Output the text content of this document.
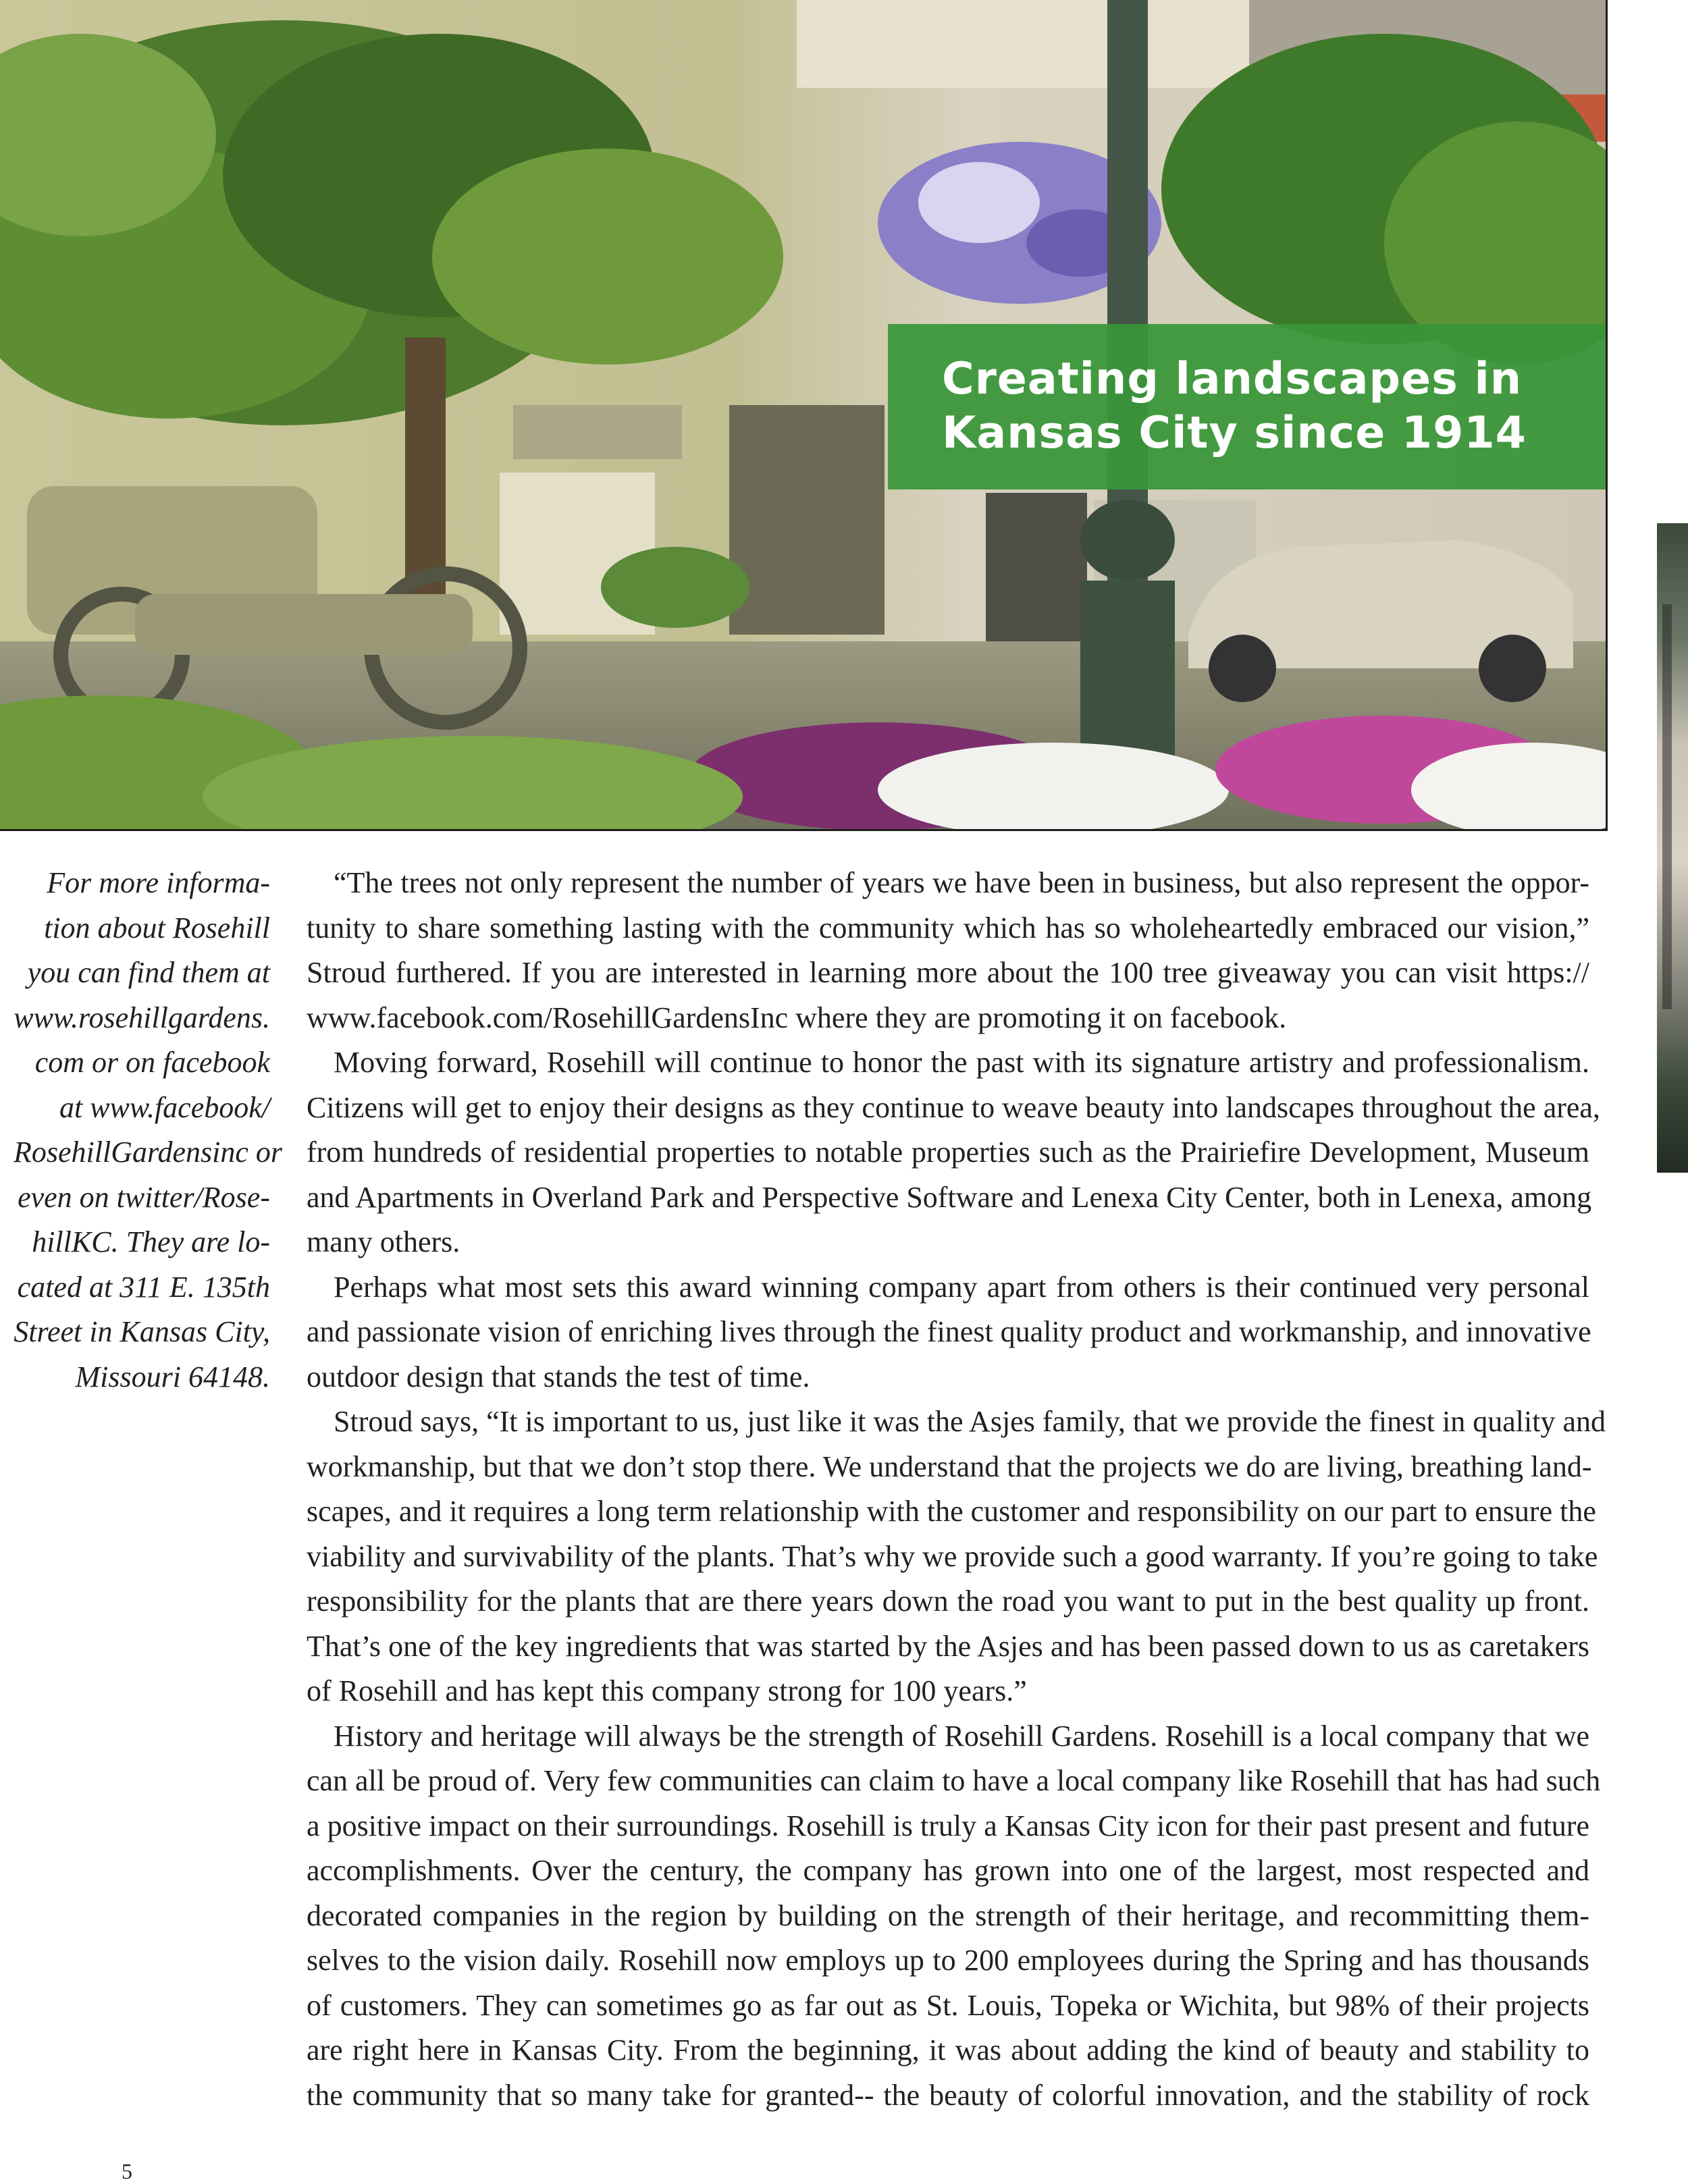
Creating landscapes in
Kansas City since 1914
For more informa-
tion about Rosehill
you can find them at
www.rosehillgardens.
com or on facebook
at www.facebook/
RosehillGardensinc or
even on twitter/Rose-
hillKC. They are lo-
cated at 311 E. 135th
Street in Kansas City,
Missouri 64148.
“The trees not only represent the number of years we have been in business, but also represent the oppor-
tunity to share something lasting with the community which has so wholeheartedly embraced our vision,”
Stroud furthered. If you are interested in learning more about the 100 tree giveaway you can visit https://
www.facebook.com/RosehillGardensInc where they are promoting it on facebook.
Moving forward, Rosehill will continue to honor the past with its signature artistry and professionalism.
Citizens will get to enjoy their designs as they continue to weave beauty into landscapes throughout the area,
from hundreds of residential properties to notable properties such as the Prairiefire Development, Museum
and Apartments in Overland Park and Perspective Software and Lenexa City Center, both in Lenexa, among
many others.
Perhaps what most sets this award winning company apart from others is their continued very personal
and passionate vision of enriching lives through the finest quality product and workmanship, and innovative
outdoor design that stands the test of time.
Stroud says, “It is important to us, just like it was the Asjes family, that we provide the finest in quality and
workmanship, but that we don’t stop there. We understand that the projects we do are living, breathing land-
scapes, and it requires a long term relationship with the customer and responsibility on our part to ensure the
viability and survivability of the plants. That’s why we provide such a good warranty. If you’re going to take
responsibility for the plants that are there years down the road you want to put in the best quality up front.
That’s one of the key ingredients that was started by the Asjes and has been passed down to us as caretakers
of Rosehill and has kept this company strong for 100 years.”
History and heritage will always be the strength of Rosehill Gardens. Rosehill is a local company that we
can all be proud of. Very few communities can claim to have a local company like Rosehill that has had such
a positive impact on their surroundings. Rosehill is truly a Kansas City icon for their past present and future
accomplishments. Over the century, the company has grown into one of the largest, most respected and
decorated companies in the region by building on the strength of their heritage, and recommitting them-
selves to the vision daily. Rosehill now employs up to 200 employees during the Spring and has thousands
of customers. They can sometimes go as far out as St. Louis, Topeka or Wichita, but 98% of their projects
are right here in Kansas City. From the beginning, it was about adding the kind of beauty and stability to
the community that so many take for granted-- the beauty of colorful innovation, and the stability of rock
5
